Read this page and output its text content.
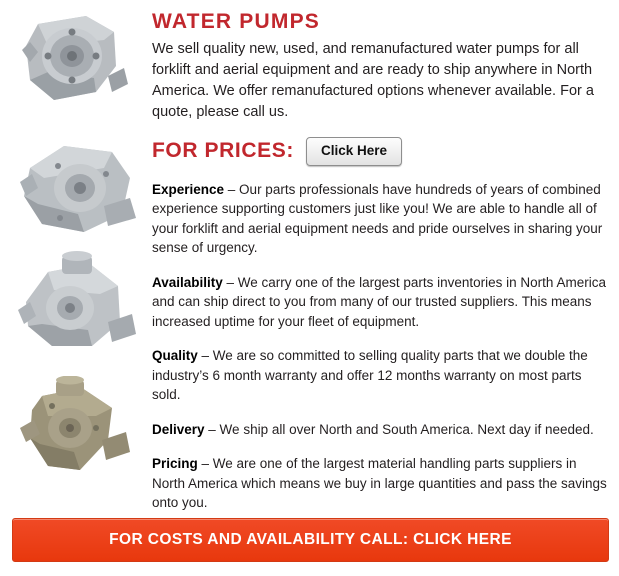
WATER PUMPS

We sell quality new, used, and remanufactured water pumps for all forklift and aerial equipment and are ready to ship anywhere in North America. We offer remanufactured options whenever available. For a quote, please call us.

FOR PRICES:	Click Here

Experience – Our parts professionals have hundreds of years of combined experience supporting customers just like you! We are able to handle all of your forklift and aerial equipment needs and pride ourselves in sharing your sense of urgency.

Availability – We carry one of the largest parts inventories in North America and can ship direct to you from many of our trusted suppliers. This means increased uptime for your fleet of equipment.

Quality – We are so committed to selling quality parts that we double the industry’s 6 month warranty and offer 12 months warranty on most parts sold.

Delivery – We ship all over North and South America. Next day if needed.

Pricing – We are one of the largest material handling parts suppliers in North America which means we buy in large quantities and pass the savings onto you.

FOR COSTS AND AVAILABILITY CALL: CLICK HERE
